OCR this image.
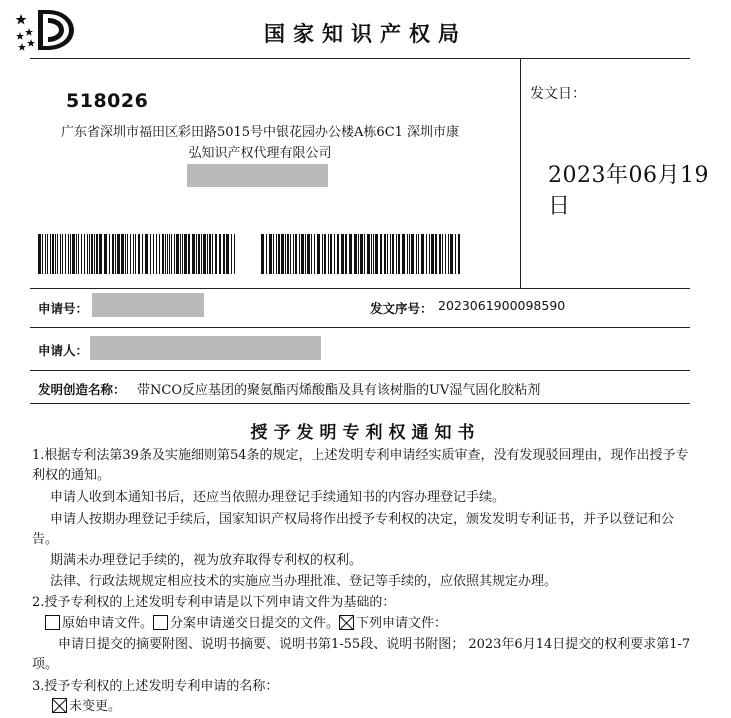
国家知识产权局
518026
广东省深圳市福田区彩田路5015号中银花园办公楼A栋6C1 深圳市康
弘知识产权代理有限公司
发文日：
2023年06月19日
申请号：	发文序号： 2023061900098590
申请人：
发明创造名称： 带NCO反应基团的聚氨酯丙烯酸酯及具有该树脂的UV湿气固化胶粘剂
授予发明专利权通知书
1.根据专利法第39条及实施细则第54条的规定，上述发明专利申请经实质审查，没有发现驳回理由，现作出授予专利权的通知。
申请人收到本通知书后，还应当依照办理登记手续通知书的内容办理登记手续。
申请人按期办理登记手续后，国家知识产权局将作出授予专利权的决定，颁发发明专利证书，并予以登记和公告。
期满未办理登记手续的，视为放弃取得专利权的权利。
法律、行政法规规定相应技术的实施应当办理批准、登记等手续的，应依照其规定办理。
2.授予专利权的上述发明专利申请是以下列申请文件为基础的：
原始申请文件。 分案申请递交日提交的文件。 下列申请文件：
申请日提交的摘要附图、说明书摘要、说明书第1-55段、说明书附图； 2023年6月14日提交的权利要求第1-7项。
3.授予专利权的上述发明专利申请的名称：
未变更。
